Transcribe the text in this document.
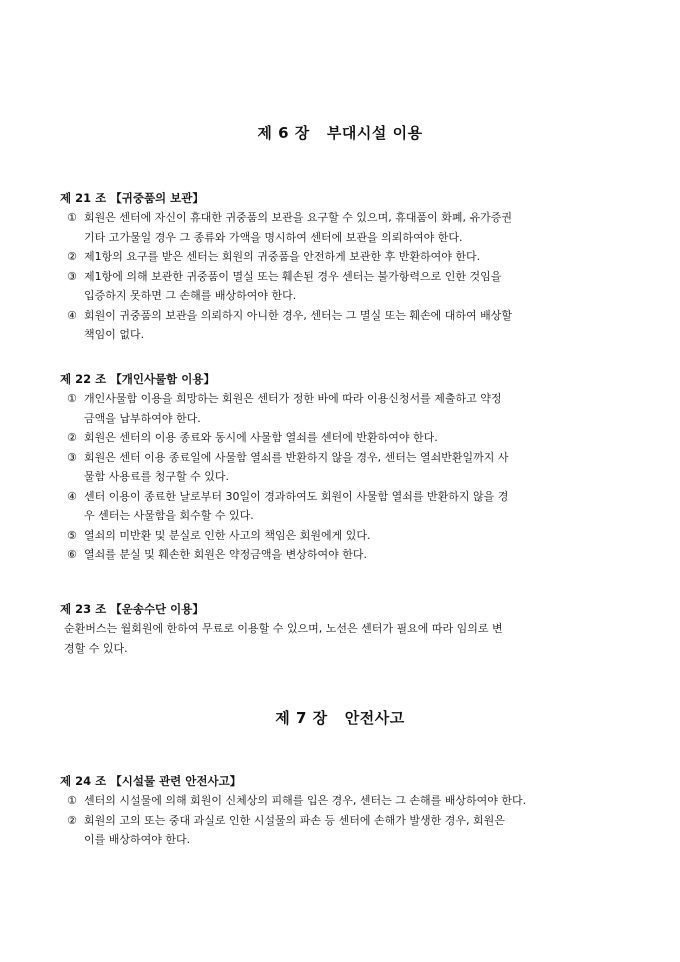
제 6 장   부대시설 이용
제 21 조 【귀중품의 보관】
① 회원은 센터에 자신이 휴대한 귀중품의 보관을 요구할 수 있으며, 휴대품이 화폐, 유가증권
기타 고가물일 경우 그 종류와 가액을 명시하여 센터에 보관을 의뢰하여야 한다.
② 제1항의 요구를 받은 센터는 회원의 귀중품을 안전하게 보관한 후 반환하여야 한다.
③ 제1항에 의해 보관한 귀중품이 멸실 또는 훼손된 경우 센터는 불가항력으로 인한 것임을
입증하지 못하면 그 손해를 배상하여야 한다.
④ 회원이 귀중품의 보관을 의뢰하지 아니한 경우, 센터는 그 멸실 또는 훼손에 대하여 배상할
책임이 없다.
제 22 조 【개인사물함 이용】
① 개인사물함 이용을 희망하는 회원은 센터가 정한 바에 따라 이용신청서를 제출하고 약정
금액을 납부하여야 한다.
② 회원은 센터의 이용 종료와 동시에 사물함 열쇠를 센터에 반환하여야 한다.
③ 회원은 센터 이용 종료일에 사물함 열쇠를 반환하지 않을 경우, 센터는 열쇠반환일까지 사
물함 사용료를 청구할 수 있다.
④ 센터 이용이 종료한 날로부터 30일이 경과하여도 회원이 사물함 열쇠를 반환하지 않을 경
우 센터는 사물함을 회수할 수 있다.
⑤ 열쇠의 미반환 및 분실로 인한 사고의 책임은 회원에게 있다.
⑥ 열쇠를 분실 및 훼손한 회원은 약정금액을 변상하여야 한다.
제 23 조 【운송수단 이용】
순환버스는 월회원에 한하여 무료로 이용할 수 있으며, 노선은 센터가 필요에 따라 임의로 변
경할 수 있다.
제 7 장   안전사고
제 24 조 【시설물 관련 안전사고】
① 센터의 시설물에 의해 회원이 신체상의 피해를 입은 경우, 센터는 그 손해를 배상하여야 한다.
② 회원의 고의 또는 중대 과실로 인한 시설물의 파손 등 센터에 손해가 발생한 경우, 회원은
이를 배상하여야 한다.
